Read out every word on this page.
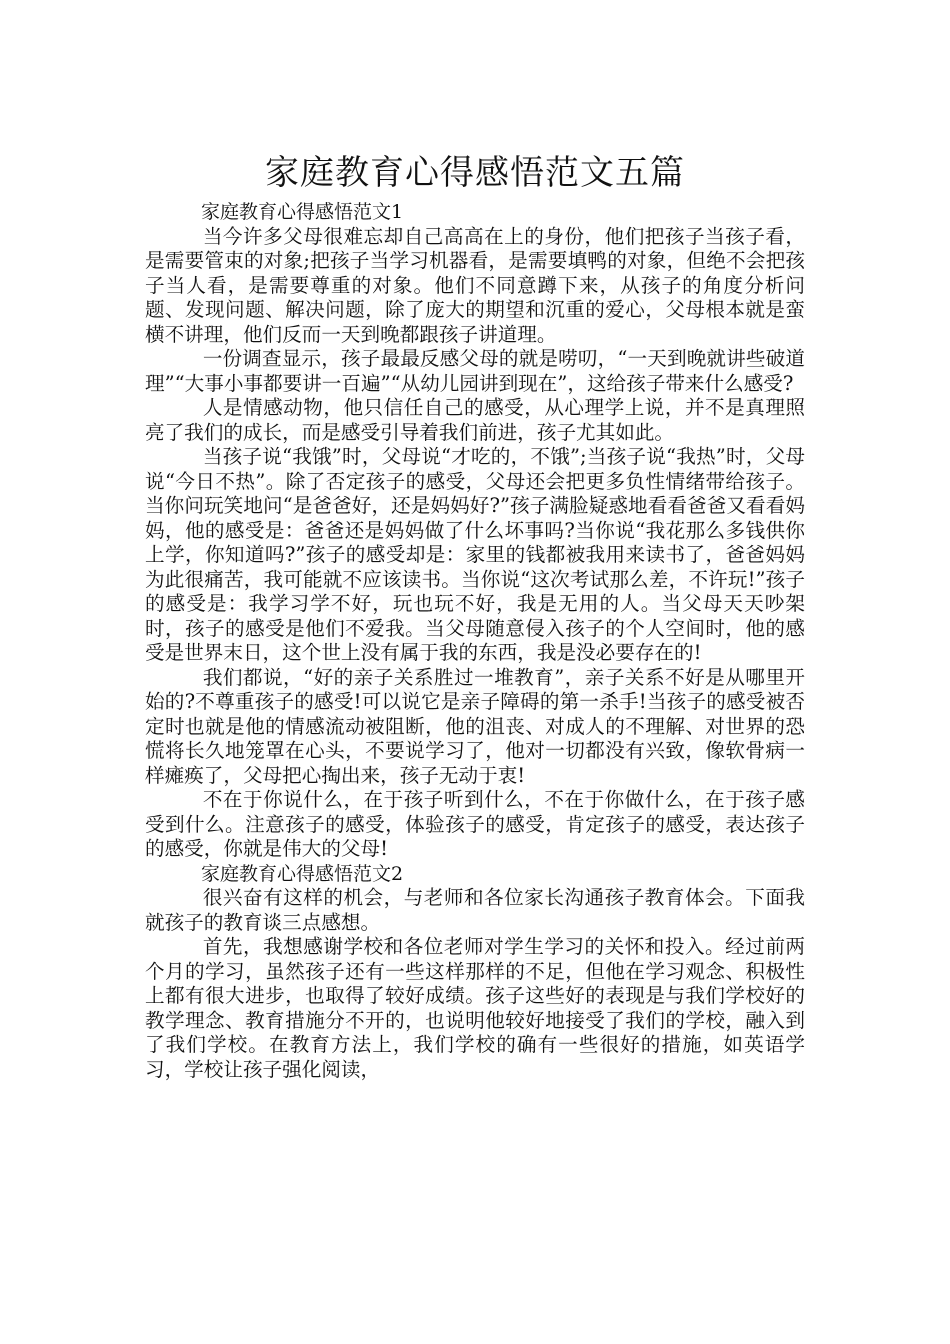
家庭教育心得感悟范文五篇

家庭教育心得感悟范文1

当今许多父母很难忘却自己高高在上的身份，他们把孩子当孩子看，是需要管束的对象;把孩子当学习机器看，是需要填鸭的对象，但绝不会把孩子当人看，是需要尊重的对象。他们不同意蹲下来，从孩子的角度分析问题、发现问题、解决问题，除了庞大的期望和沉重的爱心，父母根本就是蛮横不讲理，他们反而一天到晚都跟孩子讲道理。

一份调查显示，孩子最最反感父母的就是唠叨，“一天到晚就讲些破道理”“大事小事都要讲一百遍”“从幼儿园讲到现在”，这给孩子带来什么感受?

人是情感动物，他只信任自己的感受，从心理学上说，并不是真理照亮了我们的成长，而是感受引导着我们前进，孩子尤其如此。

当孩子说“我饿”时，父母说“才吃的，不饿”;当孩子说“我热”时，父母说“今日不热”。除了否定孩子的感受，父母还会把更多负性情绪带给孩子。当你问玩笑地问“是爸爸好，还是妈妈好?”孩子满脸疑惑地看看爸爸又看看妈妈，他的感受是：爸爸还是妈妈做了什么坏事吗?当你说“我花那么多钱供你上学，你知道吗?”孩子的感受却是：家里的钱都被我用来读书了，爸爸妈妈为此很痛苦，我可能就不应该读书。当你说“这次考试那么差，不许玩!”孩子的感受是：我学习学不好，玩也玩不好，我是无用的人。当父母天天吵架时，孩子的感受是他们不爱我。当父母随意侵入孩子的个人空间时，他的感受是世界末日，这个世上没有属于我的东西，我是没必要存在的!

我们都说，“好的亲子关系胜过一堆教育”，亲子关系不好是从哪里开始的?不尊重孩子的感受!可以说它是亲子障碍的第一杀手!当孩子的感受被否定时也就是他的情感流动被阻断，他的沮丧、对成人的不理解、对世界的恐慌将长久地笼罩在心头，不要说学习了，他对一切都没有兴致，像软骨病一样瘫痪了，父母把心掏出来，孩子无动于衷!

不在于你说什么，在于孩子听到什么，不在于你做什么，在于孩子感受到什么。注意孩子的感受，体验孩子的感受，肯定孩子的感受，表达孩子的感受，你就是伟大的父母!

家庭教育心得感悟范文2

很兴奋有这样的机会，与老师和各位家长沟通孩子教育体会。下面我就孩子的教育谈三点感想。

首先，我想感谢学校和各位老师对学生学习的关怀和投入。经过前两个月的学习，虽然孩子还有一些这样那样的不足，但他在学习观念、积极性上都有很大进步，也取得了较好成绩。孩子这些好的表现是与我们学校好的教学理念、教育措施分不开的，也说明他较好地接受了我们的学校，融入到了我们学校。在教育方法上，我们学校的确有一些很好的措施，如英语学习，学校让孩子强化阅读，
